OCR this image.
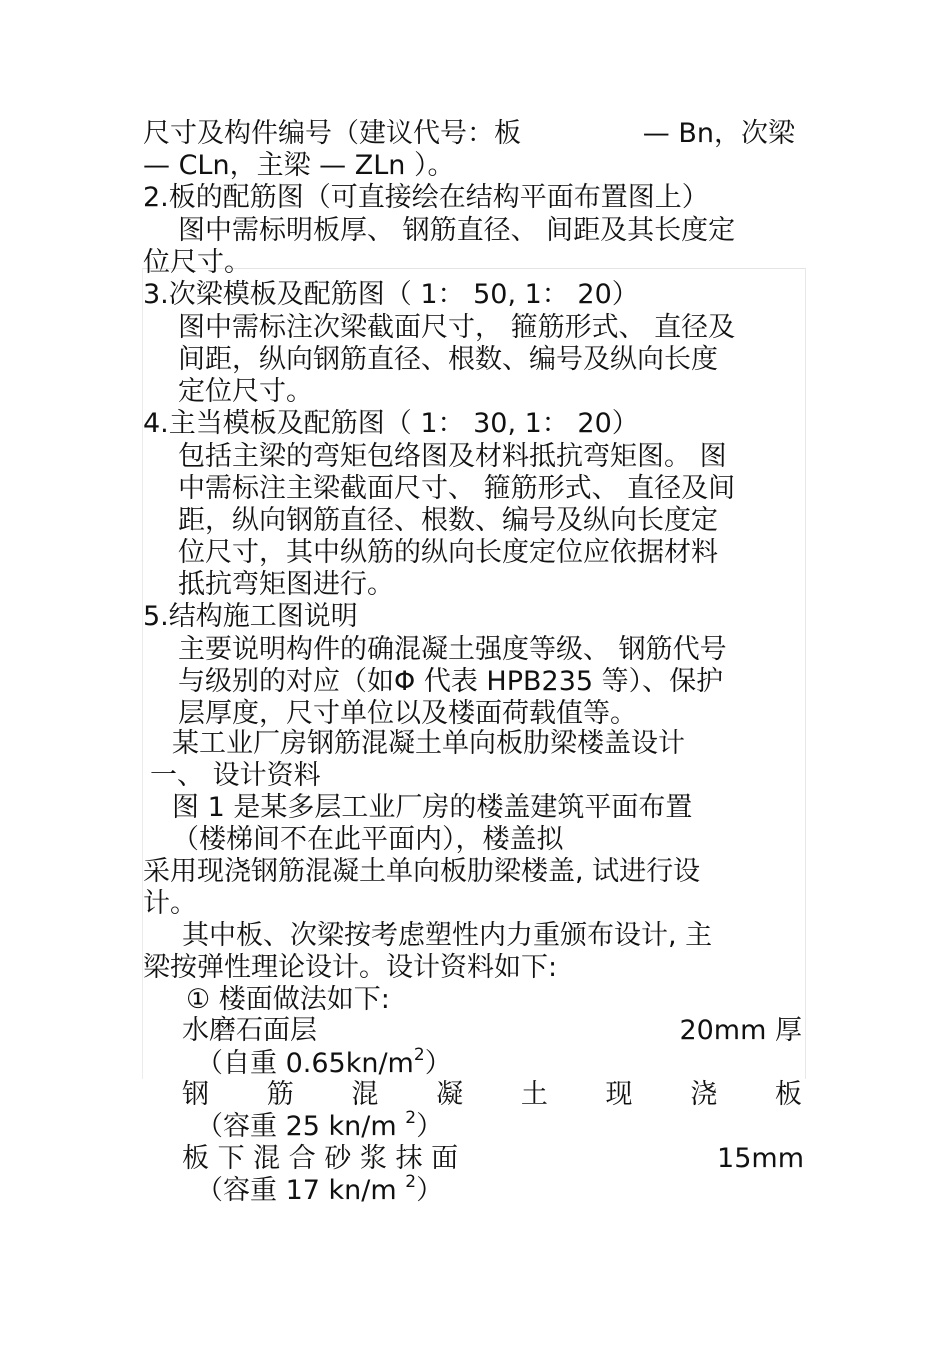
尺寸及构件编号（建议代号：板	— Bn，次梁
— CLn，主梁 — ZLn ）。
2.板的配筋图（可直接绘在结构平面布置图上）
图中需标明板厚、 钢筋直径、 间距及其长度定
位尺寸。
3.次梁模板及配筋图（ 1： 50, 1： 20）
图中需标注次梁截面尺寸， 箍筋形式、 直径及
间距，纵向钢筋直径、根数、编号及纵向长度
定位尺寸。
4.主当模板及配筋图（ 1： 30, 1： 20）
包括主梁的弯矩包络图及材料抵抗弯矩图。 图
中需标注主梁截面尺寸、 箍筋形式、 直径及间
距，纵向钢筋直径、根数、编号及纵向长度定
位尺寸，其中纵筋的纵向长度定位应依据材料
抵抗弯矩图进行。
5.结构施工图说明
主要说明构件的确混凝土强度等级、 钢筋代号
与级别的对应（如Φ 代表 HPB235 等）、保护
层厚度，尺寸单位以及楼面荷载值等。
某工业厂房钢筋混凝土单向板肋梁楼盖设计
一、 设计资料
图 1 是某多层工业厂房的楼盖建筑平面布置
（楼梯间不在此平面内），楼盖拟
采用现浇钢筋混凝土单向板肋梁楼盖, 试进行设
计。
其中板、次梁按考虑塑性内力重颁布设计, 主
梁按弹性理论设计。设计资料如下:
① 楼面做法如下:
水磨石面层	20mm 厚
（自重 $0.65kn/m^2$）
钢 筋 混 凝 土 现 浇 板
（容重 25 kn/m $^2$）
板 下 混 合 砂 浆 抹 面	15mm
（容重 17 kn/m $^2$）
